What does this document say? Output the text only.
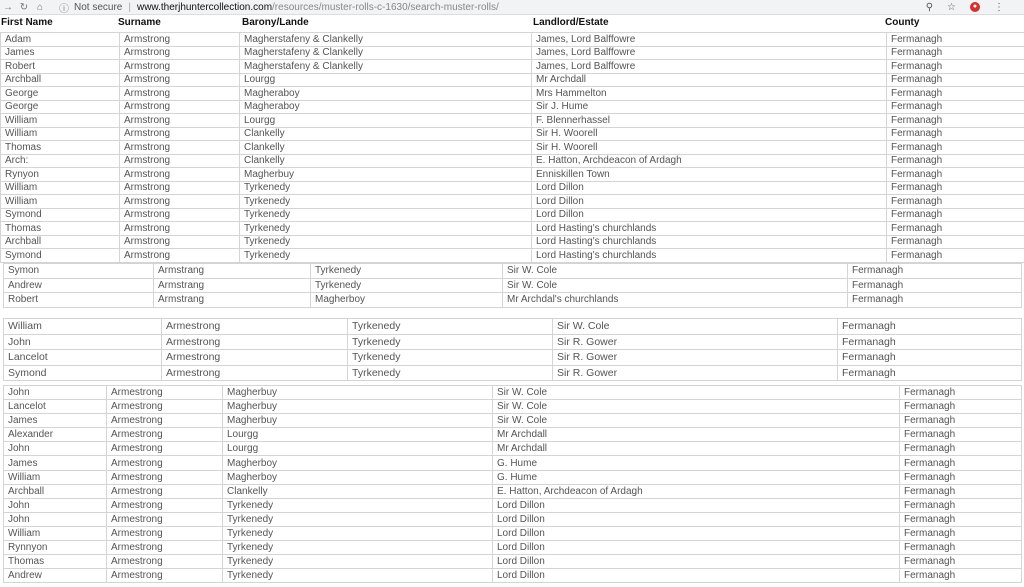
→ ↻ ⌂	ⓘ Not secure | www.therjhuntercollection.com/resources/muster-rolls-c-1630/search-muster-rolls/	⚲ ☆	● ⋮
First Name	Surname	Barony/Lande	Landlord/Estate	County
Adam	Armstrong	Magherstafeny & Clankelly	James, Lord Balffowre	Fermanagh
James	Armstrong	Magherstafeny & Clankelly	James, Lord Balffowre	Fermanagh
Robert	Armstrong	Magherstafeny & Clankelly	James, Lord Balffowre	Fermanagh
Archball	Armstrong	Lourgg	Mr Archdall	Fermanagh
George	Armstrong	Magheraboy	Mrs Hammelton	Fermanagh
George	Armstrong	Magheraboy	Sir J. Hume	Fermanagh
William	Armstrong	Lourgg	F. Blennerhassel	Fermanagh
William	Armstrong	Clankelly	Sir H. Woorell	Fermanagh
Thomas	Armstrong	Clankelly	Sir H. Woorell	Fermanagh
Arch:	Armstrong	Clankelly	E. Hatton, Archdeacon of Ardagh	Fermanagh
Rynyon	Armstrong	Magherbuy	Enniskillen Town	Fermanagh
William	Armstrong	Tyrkenedy	Lord Dillon	Fermanagh
William	Armstrong	Tyrkenedy	Lord Dillon	Fermanagh
Symond	Armstrong	Tyrkenedy	Lord Dillon	Fermanagh
Thomas	Armstrong	Tyrkenedy	Lord Hasting's churchlands	Fermanagh
Archball	Armstrong	Tyrkenedy	Lord Hasting's churchlands	Fermanagh
Symond	Armstrong	Tyrkenedy	Lord Hasting's churchlands	Fermanagh
Symon	Armstrang	Tyrkenedy	Sir W. Cole	Fermanagh
Andrew	Armstrang	Tyrkenedy	Sir W. Cole	Fermanagh
Robert	Armstrang	Magherboy	Mr Archdal's churchlands	Fermanagh
William	Armestrong	Tyrkenedy	Sir W. Cole	Fermanagh
John	Armestrong	Tyrkenedy	Sir R. Gower	Fermanagh
Lancelot	Armestrong	Tyrkenedy	Sir R. Gower	Fermanagh
Symond	Armestrong	Tyrkenedy	Sir R. Gower	Fermanagh
John	Armestrong	Magherbuy	Sir W. Cole	Fermanagh
Lancelot	Armestrong	Magherbuy	Sir W. Cole	Fermanagh
James	Armestrong	Magherbuy	Sir W. Cole	Fermanagh
Alexander	Armestrong	Lourgg	Mr Archdall	Fermanagh
John	Armestrong	Lourgg	Mr Archdall	Fermanagh
James	Armestrong	Magherboy	G. Hume	Fermanagh
William	Armestrong	Magherboy	G. Hume	Fermanagh
Archball	Armestrong	Clankelly	E. Hatton, Archdeacon of Ardagh	Fermanagh
John	Armestrong	Tyrkenedy	Lord Dillon	Fermanagh
John	Armestrong	Tyrkenedy	Lord Dillon	Fermanagh
William	Armestrong	Tyrkenedy	Lord Dillon	Fermanagh
Rynnyon	Armestrong	Tyrkenedy	Lord Dillon	Fermanagh
Thomas	Armestrong	Tyrkenedy	Lord Dillon	Fermanagh
Andrew	Armestrong	Tyrkenedy	Lord Dillon	Fermanagh
